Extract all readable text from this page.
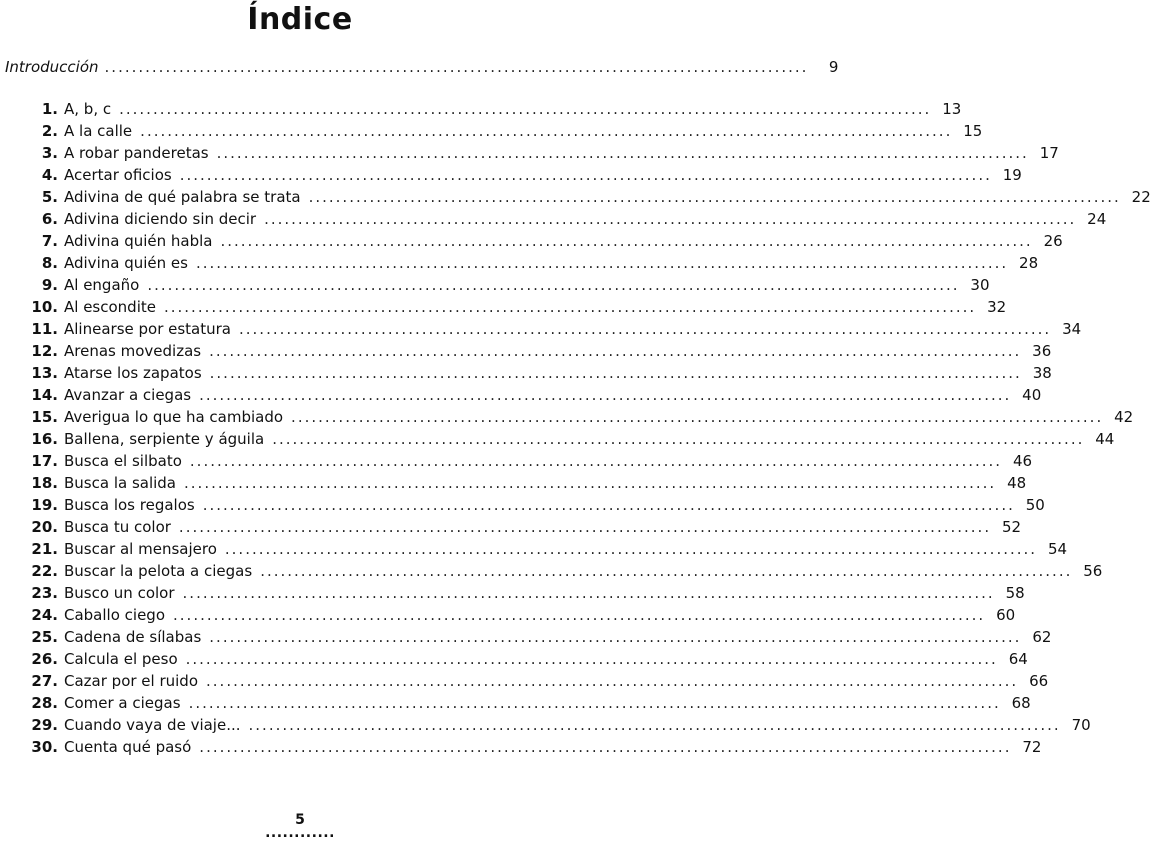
Índice
Introducción ........................................................................................................	9
1. A, b, c ........................................................................................................................ 13
2. A la calle ........................................................................................................................ 15
3. A robar panderetas ........................................................................................................................ 17
4. Acertar oficios ........................................................................................................................ 19
5. Adivina de qué palabra se trata ........................................................................................................................ 22
6. Adivina diciendo sin decir ........................................................................................................................ 24
7. Adivina quién habla ........................................................................................................................ 26
8. Adivina quién es ........................................................................................................................ 28
9. Al engaño ........................................................................................................................ 30
10. Al escondite ........................................................................................................................ 32
11. Alinearse por estatura ........................................................................................................................ 34
12. Arenas movedizas ........................................................................................................................ 36
13. Atarse los zapatos ........................................................................................................................ 38
14. Avanzar a ciegas ........................................................................................................................ 40
15. Averigua lo que ha cambiado ........................................................................................................................ 42
16. Ballena, serpiente y águila ........................................................................................................................ 44
17. Busca el silbato ........................................................................................................................ 46
18. Busca la salida ........................................................................................................................ 48
19. Busca los regalos ........................................................................................................................ 50
20. Busca tu color ........................................................................................................................ 52
21. Buscar al mensajero ........................................................................................................................ 54
22. Buscar la pelota a ciegas ........................................................................................................................ 56
23. Busco un color ........................................................................................................................ 58
24. Caballo ciego ........................................................................................................................ 60
25. Cadena de sílabas ........................................................................................................................ 62
26. Calcula el peso ........................................................................................................................ 64
27. Cazar por el ruido ........................................................................................................................ 66
28. Comer a ciegas ........................................................................................................................ 68
29. Cuando vaya de viaje... ........................................................................................................................ 70
30. Cuenta qué pasó ........................................................................................................................ 72
5
............
